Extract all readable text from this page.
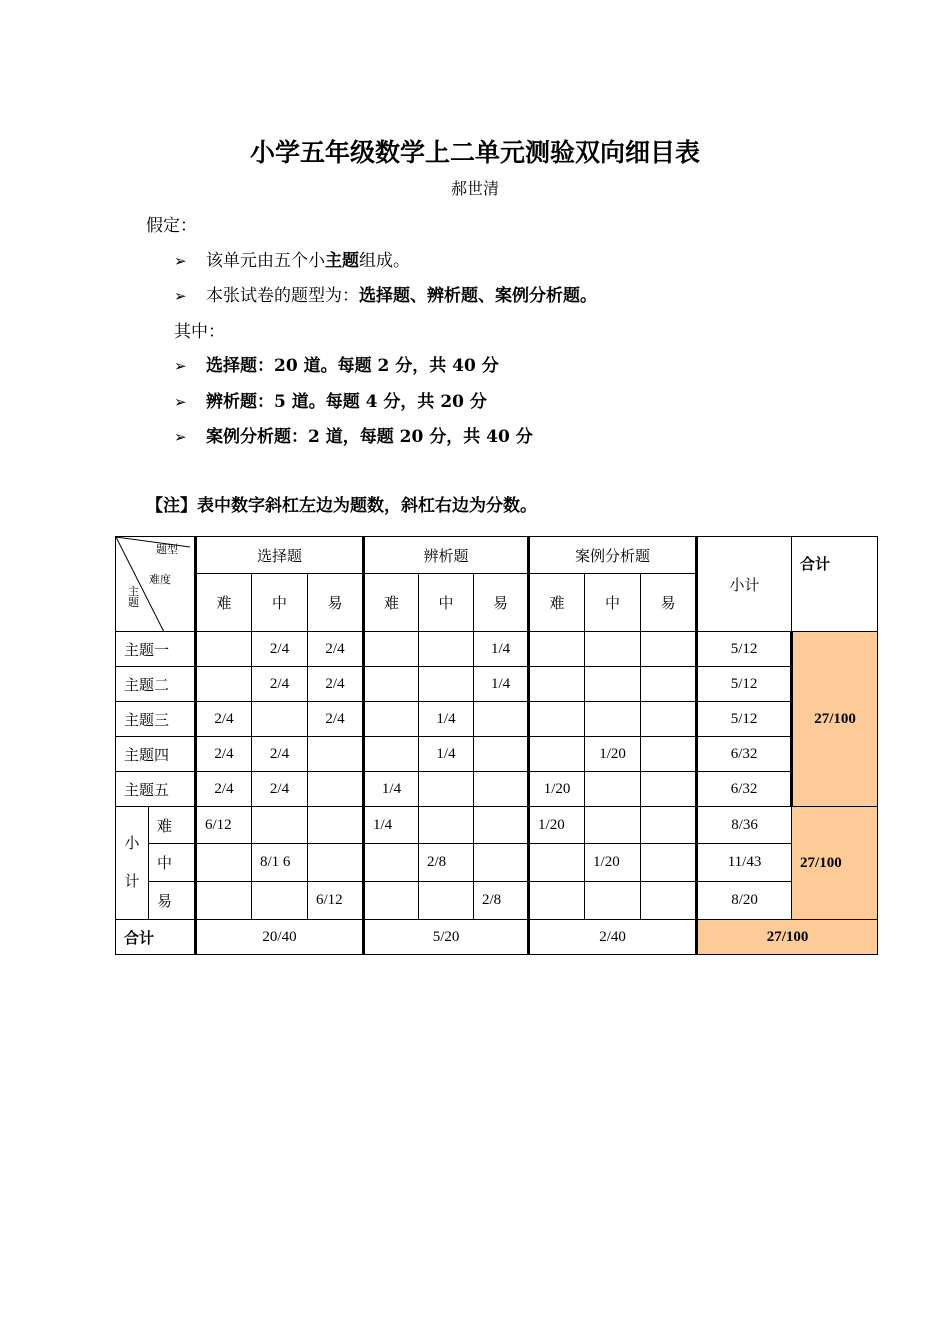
小学五年级数学上二单元测验双向细目表
郝世清
假定：
➢ 该单元由五个小主题组成。
➢ 本张试卷的题型为：选择题、辨析题、案例分析题。
其中：
➢ 选择题：20 道。每题 2 分，共 40 分
➢ 辨析题：5 道。每题 4 分，共 20 分
➢ 案例分析题：2 道，每题 20 分，共 40 分
【注】表中数字斜杠左边为题数，斜杠右边为分数。
题型
难度
主题		选择题			辨析题			案例分析题			小计	合计
		难	中	易	难	中	易	难	中	易		
主题一			2/4	2/4			1/4				5/12	27/100
主题二			2/4	2/4			1/4				5/12	
主题三		2/4		2/4		1/4					5/12	
主题四		2/4	2/4			1/4			1/20		6/32	
主题五		2/4	2/4		1/4			1/20			6/32	
小
计	难	6/12			1/4			1/20			8/36	27/100
	中		8/1 6			2/8			1/20		11/43	
	易			6/12			2/8				8/20	
合计		20/40			5/20			2/40			27/100	
